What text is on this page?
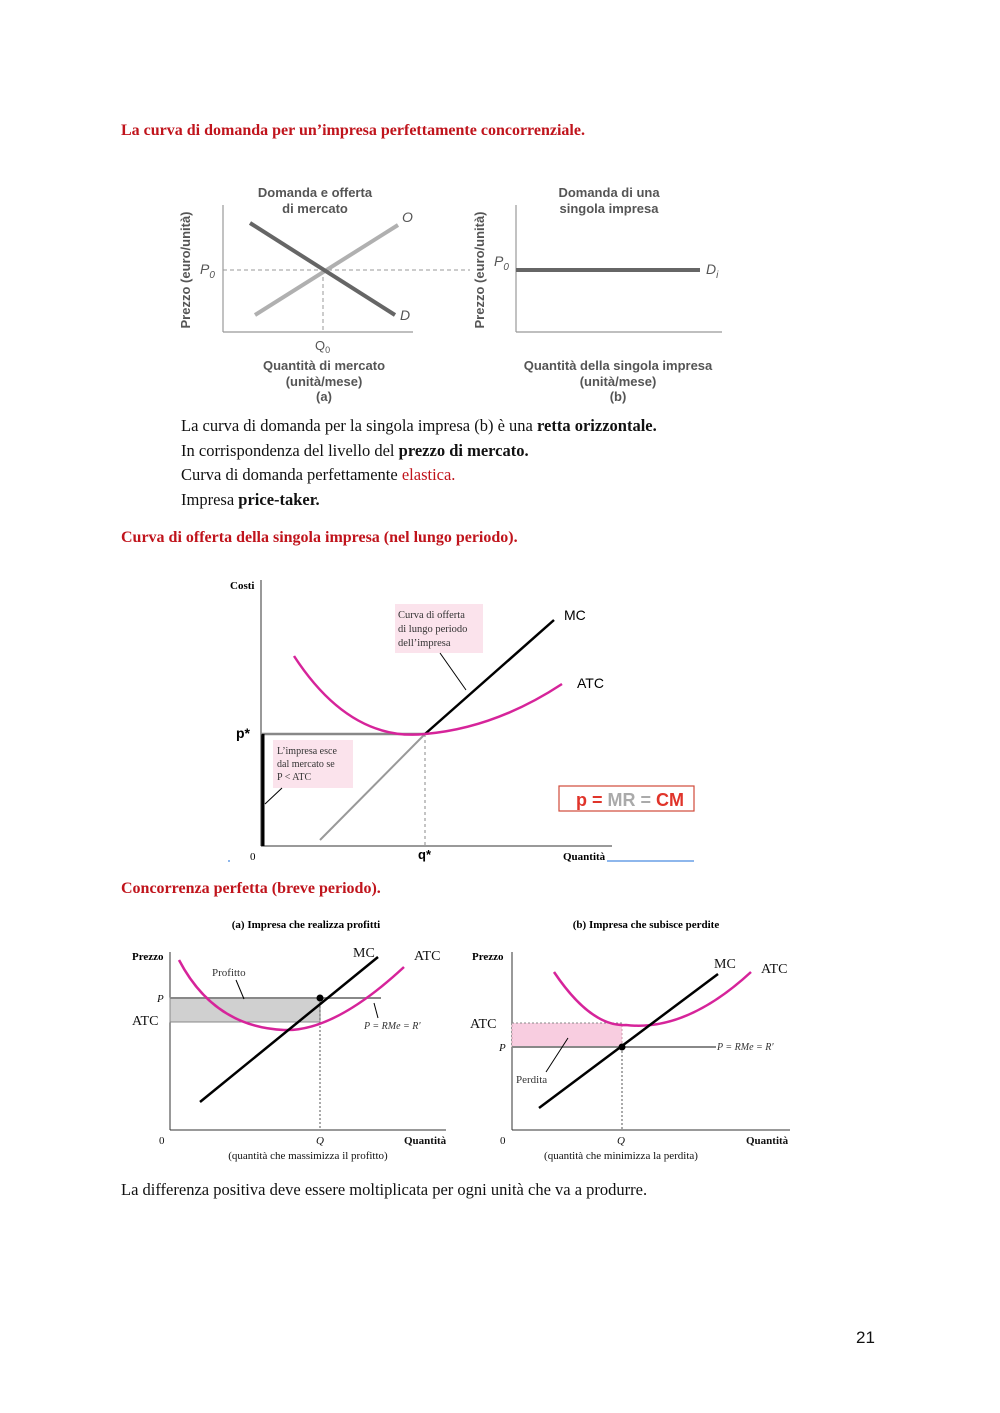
La curva di domanda per un’impresa perfettamente concorrenziale.

Domanda e offerta
di mercato
Prezzo (euro/unità) $P_0$
O
D
$Q_0$
Quantità di mercato
(unità/mese)
(a)
Domanda di una
singola impresa
Quantità della singola impresa
(unità/mese)
(b)
Prezzo (euro/unità) $P_0$	$D_i$
La curva di domanda per la singola impresa (b) è una retta orizzontale.
In corrispondenza del livello del prezzo di mercato.
Curva di domanda perfettamente elastica.
Impresa price-taker.

Curva di offerta della singola impresa (nel lungo periodo).

Costi
Curva di offerta
di lungo periodo
dell’impresa
L’impresa esce
dal mercato se
P < ATC
MC
ATC
p*
p = MR = CM
0	q*	Quantità

Concorrenza perfetta (breve periodo).

(a) Impresa che realizza profitti
Prezzo	MC	ATC
P
ATC
Profitto
P = RMe = R'
0	Q	Quantità
(quantità che massimizza il profitto)
(b) Impresa che subisce perdite
Prezzo	MC ATC
ATC
P
Perdita
P = RMe = R'
0	Q	Quantità
(quantità che minimizza la perdita)

La differenza positiva deve essere moltiplicata per ogni unità che va a produrre.

21
